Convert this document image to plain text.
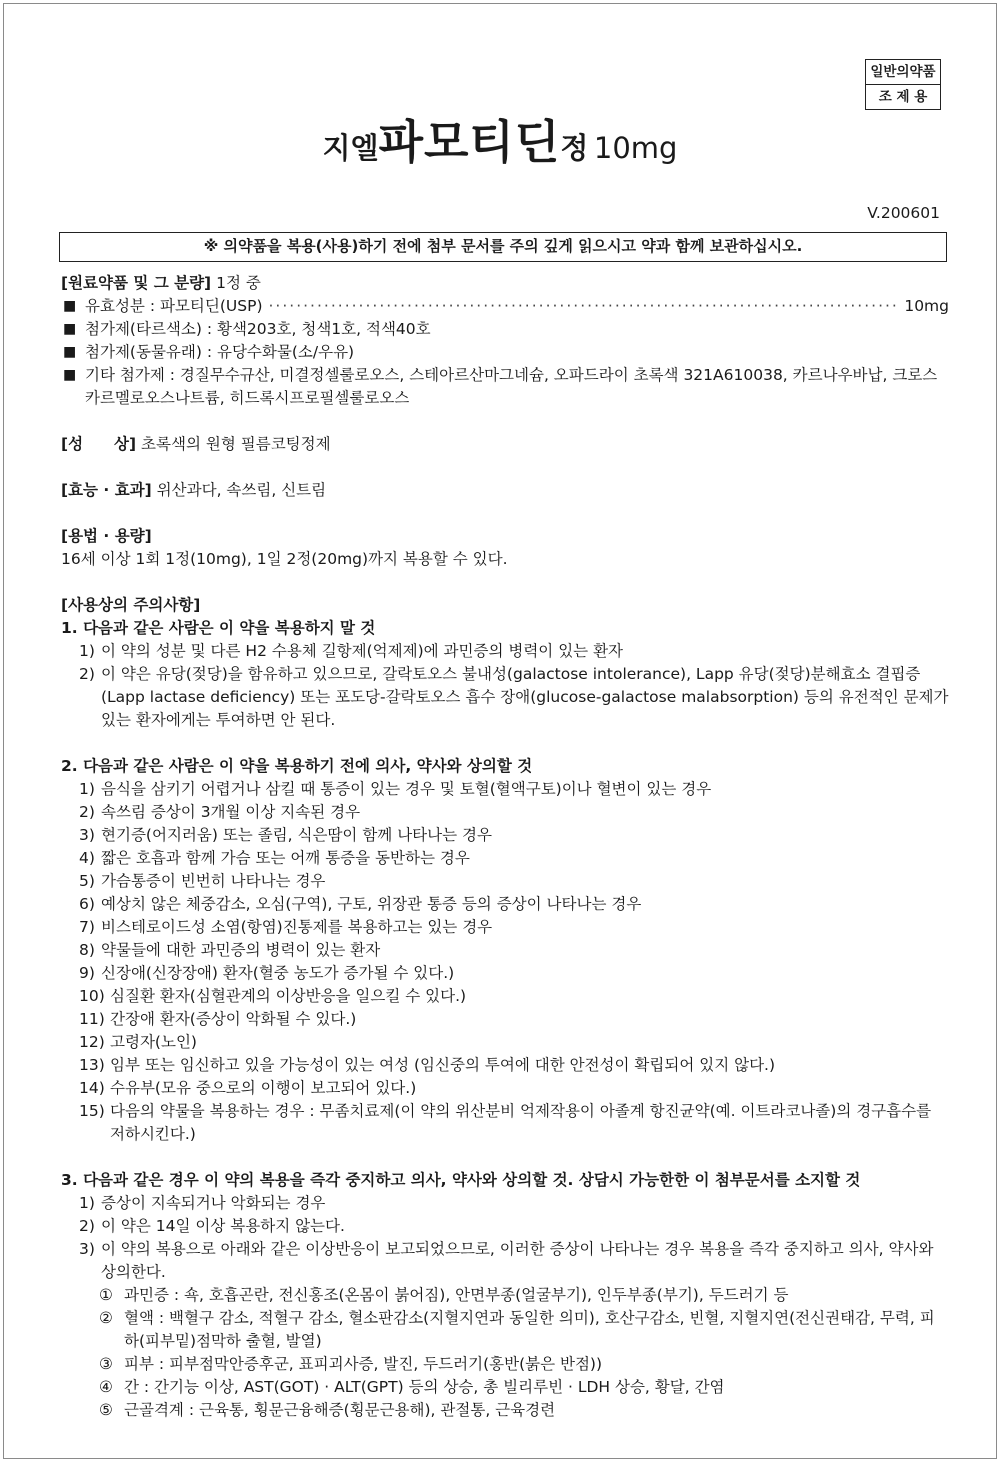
일반의약품
조 제 용
지엘파모티딘정 10mg
V.200601
※ 의약품을 복용(사용)하기 전에 첨부 문서를 주의 깊게 읽으시고 약과 함께 보관하십시오.

[원료약품 및 그 분량] 1정 중

■ 유효성분 : 파모티딘(USP)
·····	10mg
■ 첨가제(타르색소) : 황색203호, 청색1호, 적색40호
■ 첨가제(동물유래) : 유당수화물(소/우유)
■ 기타 첨가제 : 경질무수규산, 미결정셀룰로오스, 스테아르산마그네슘, 오파드라이 초록색 321A610038, 카르나우바납, 크로스카르멜로오스나트륨, 히드록시프로필셀룰로오스

[성　　상] 초록색의 원형 필름코팅정제

[효능 · 효과] 위산과다, 속쓰림, 신트림

[용법 · 용량]

16세 이상 1회 1정(10mg), 1일 2정(20mg)까지 복용할 수 있다.

[사용상의 주의사항]

1. 다음과 같은 사람은 이 약을 복용하지 말 것

1) 이 약의 성분 및 다른 H2 수용체 길항제(억제제)에 과민증의 병력이 있는 환자
2) 이 약은 유당(젖당)을 함유하고 있으므로, 갈락토오스 불내성(galactose intolerance), Lapp 유당(젖당)분해효소 결핍증(Lapp lactase deficiency) 또는 포도당-갈락토오스 흡수 장애(glucose-galactose malabsorption) 등의 유전적인 문제가 있는 환자에게는 투여하면 안 된다.

2. 다음과 같은 사람은 이 약을 복용하기 전에 의사, 약사와 상의할 것

1) 음식을 삼키기 어렵거나 삼킬 때 통증이 있는 경우 및 토혈(혈액구토)이나 혈변이 있는 경우
2) 속쓰림 증상이 3개월 이상 지속된 경우
3) 현기증(어지러움) 또는 졸림, 식은땀이 함께 나타나는 경우
4) 짧은 호흡과 함께 가슴 또는 어깨 통증을 동반하는 경우
5) 가슴통증이 빈번히 나타나는 경우
6) 예상치 않은 체중감소, 오심(구역), 구토, 위장관 통증 등의 증상이 나타나는 경우
7) 비스테로이드성 소염(항염)진통제를 복용하고는 있는 경우
8) 약물들에 대한 과민증의 병력이 있는 환자
9) 신장애(신장장애) 환자(혈중 농도가 증가될 수 있다.)
10) 심질환 환자(심혈관계의 이상반응을 일으킬 수 있다.)
11) 간장애 환자(증상이 악화될 수 있다.)
12) 고령자(노인)
13) 임부 또는 임신하고 있을 가능성이 있는 여성 (임신중의 투여에 대한 안전성이 확립되어 있지 않다.)
14) 수유부(모유 중으로의 이행이 보고되어 있다.)
15) 다음의 약물을 복용하는 경우 : 무좀치료제(이 약의 위산분비 억제작용이 아졸계 항진균약(예. 이트라코나졸)의 경구흡수를 저하시킨다.)

3. 다음과 같은 경우 이 약의 복용을 즉각 중지하고 의사, 약사와 상의할 것. 상담시 가능한한 이 첨부문서를 소지할 것

1) 증상이 지속되거나 악화되는 경우
2) 이 약은 14일 이상 복용하지 않는다.
3) 이 약의 복용으로 아래와 같은 이상반응이 보고되었으므로, 이러한 증상이 나타나는 경우 복용을 즉각 중지하고 의사, 약사와 상의한다.
① 과민증 : 쇽, 호흡곤란, 전신홍조(온몸이 붉어짐), 안면부종(얼굴부기), 인두부종(부기), 두드러기 등
② 혈액 : 백혈구 감소, 적혈구 감소, 혈소판감소(지혈지연과 동일한 의미), 호산구감소, 빈혈, 지혈지연(전신권태감, 무력, 피하(피부밑)점막하 출혈, 발열)
③ 피부 : 피부점막안증후군, 표피괴사증, 발진, 두드러기(홍반(붉은 반점))
④ 간 : 간기능 이상, AST(GOT) · ALT(GPT) 등의 상승, 총 빌리루빈 · LDH 상승, 황달, 간염
⑤ 근골격계 : 근육통, 횡문근융해증(횡문근용해), 관절통, 근육경련
